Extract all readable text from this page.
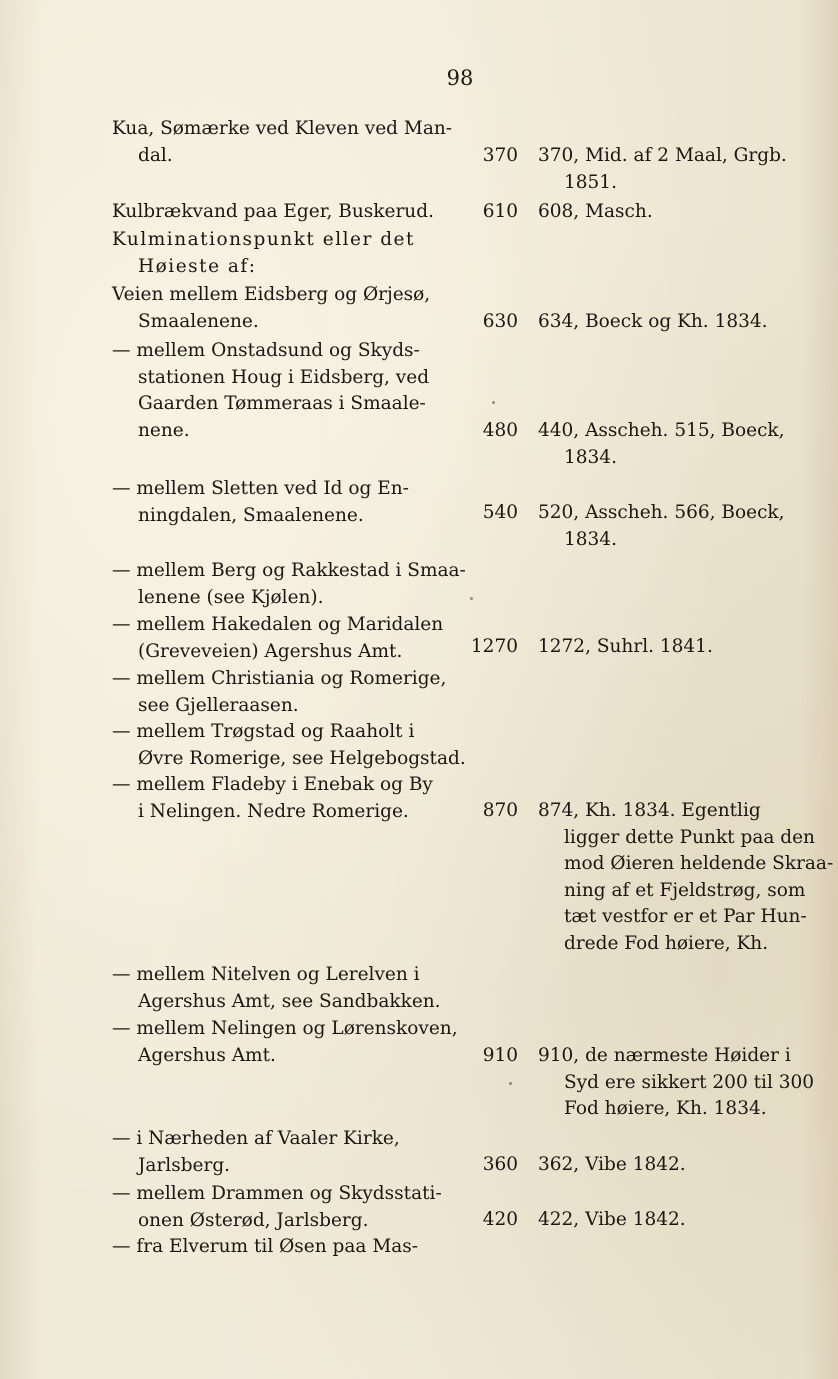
98
Kua, Sømærke ved Kleven ved Man-
dal.	370 370, Mid. af 2 Maal, Grgb.
1851.
Kulbrækvand paa Eger, Buskerud.	610 608, Masch.
Kulminationspunkt eller det
Høieste af:
Veien mellem Eidsberg og Ørjesø,
Smaalenene.	630 634, Boeck og Kh. 1834.
— mellem Onstadsund og Skyds-
stationen Houg i Eidsberg, ved
Gaarden Tømmeraas i Smaale-
nene.	480 440, Asscheh. 515, Boeck,
1834.
— mellem Sletten ved Id og En-
ningdalen, Smaalenene.	540 520, Asscheh. 566, Boeck,
1834.
— mellem Berg og Rakkestad i Smaa-
lenene (see Kjølen).
— mellem Hakedalen og Maridalen
(Greveveien) Agershus Amt.	1270 1272, Suhrl. 1841.
— mellem Christiania og Romerige,
see Gjelleraasen.
— mellem Trøgstad og Raaholt i
Øvre Romerige, see Helgebogstad.
— mellem Fladeby i Enebak og By
i Nelingen. Nedre Romerige.	870 874, Kh. 1834. Egentlig
ligger dette Punkt paa den
mod Øieren heldende Skraa-
ning af et Fjeldstrøg, som
tæt vestfor er et Par Hun-
drede Fod høiere, Kh.
— mellem Nitelven og Lerelven i
Agershus Amt, see Sandbakken.
— mellem Nelingen og Lørenskoven,
Agershus Amt.	910 910, de nærmeste Høider i
Syd ere sikkert 200 til 300
Fod høiere, Kh. 1834.
— i Nærheden af Vaaler Kirke,
Jarlsberg.	360 362, Vibe 1842.
— mellem Drammen og Skydsstati-
onen Østerød, Jarlsberg.	420 422, Vibe 1842.
— fra Elverum til Øsen paa Mas-
